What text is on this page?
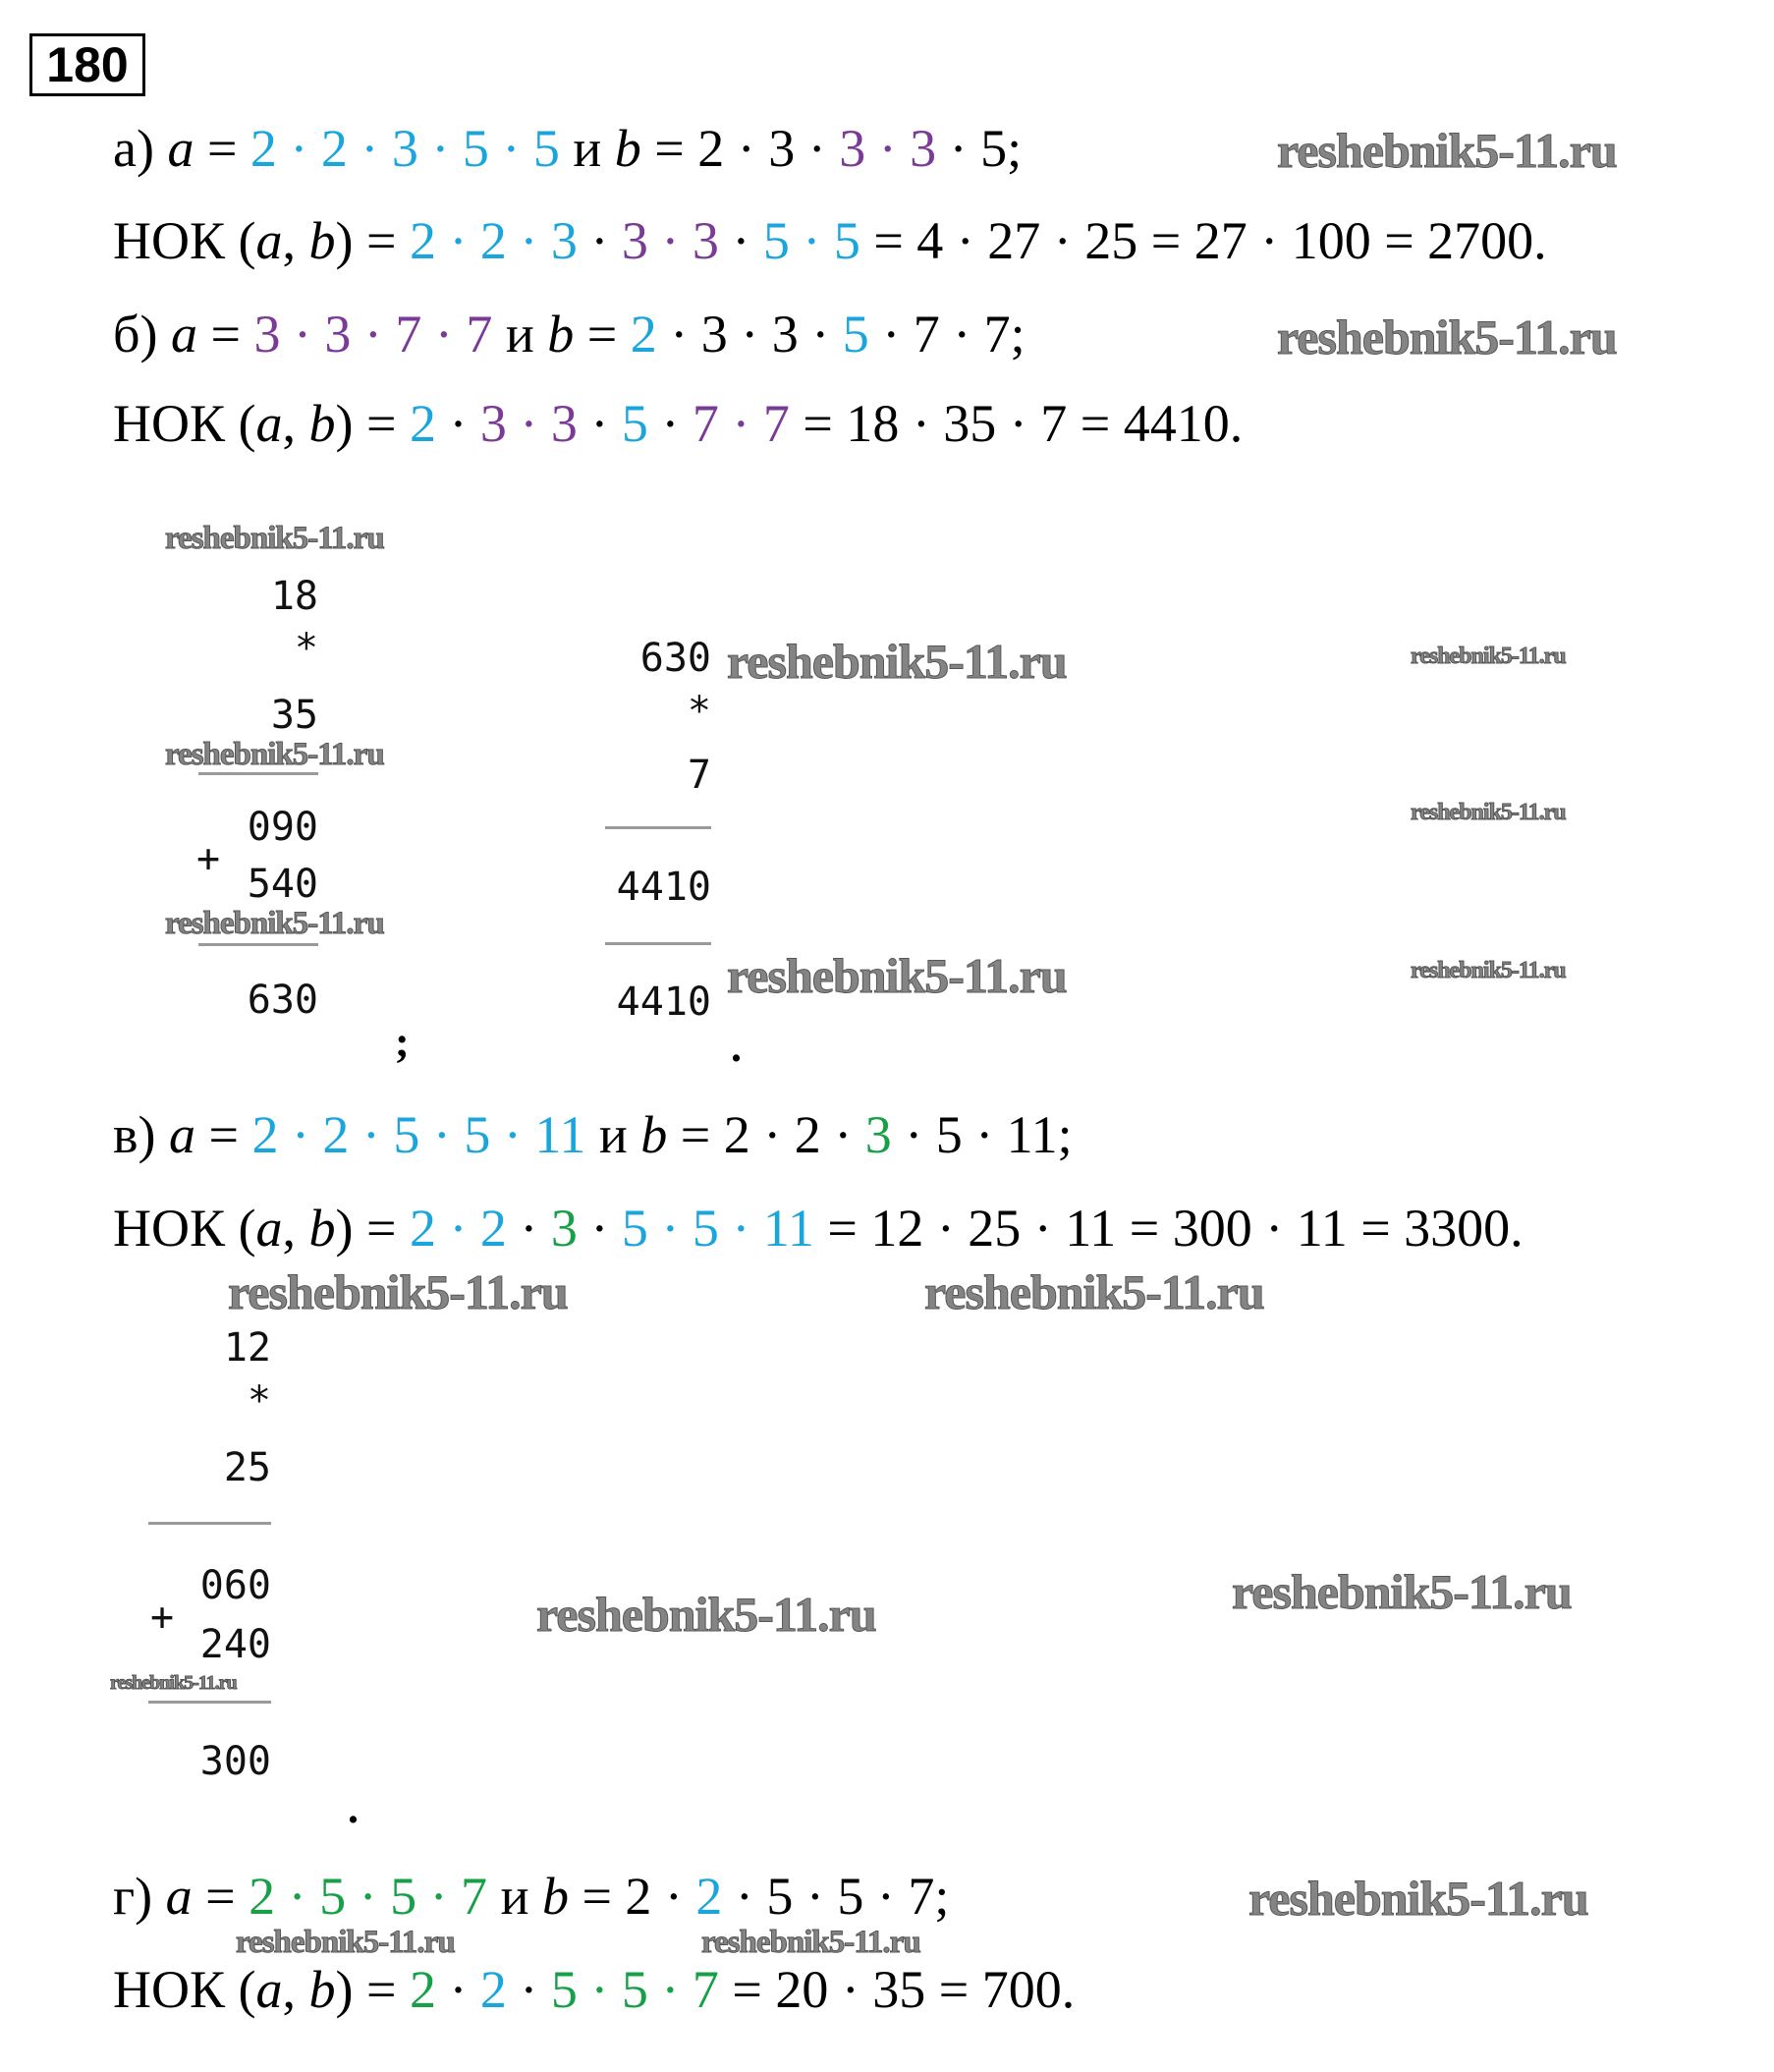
180
а) a = 2 · 2 · 3 · 5 · 5 и b = 2 · 3 · 3 · 3 · 5;
НОК (a, b) = 2 · 2 · 3 · 3 · 3 · 5 · 5 = 4 · 27 · 25 = 27 · 100 = 2700.
б) a = 3 · 3 · 7 · 7 и b = 2 · 3 · 3 · 5 · 7 · 7;
НОК (a, b) = 2 · 3 · 3 · 5 · 7 · 7 = 18 · 35 · 7 = 4410.
в) a = 2 · 2 · 5 · 5 · 11 и b = 2 · 2 · 3 · 5 · 11;
НОК (a, b) = 2 · 2 · 3 · 5 · 5 · 11 = 12 · 25 · 11 = 300 · 11 = 3300.
г) a = 2 · 5 · 5 · 7 и b = 2 · 2 · 5 · 5 · 7;
НОК (a, b) = 2 · 2 · 5 · 5 · 7 = 20 · 35 = 700.
18
*
35
090
+
540
630
;
630
*
7
4410
4410
.
12
*
25
060
+
240
300
.
reshebnik5-11.ru
reshebnik5-11.ru
reshebnik5-11.ru
reshebnik5-11.ru	reshebnik5-11.ru
reshebnik5-11.ru
reshebnik5-11.ru
reshebnik5-11.ru
reshebnik5-11.ru	reshebnik5-11.ru
reshebnik5-11.ru	reshebnik5-11.ru
reshebnik5-11.ru
reshebnik5-11.ru
reshebnik5-11.ru
reshebnik5-11.ru
reshebnik5-11.ru	reshebnik5-11.ru
